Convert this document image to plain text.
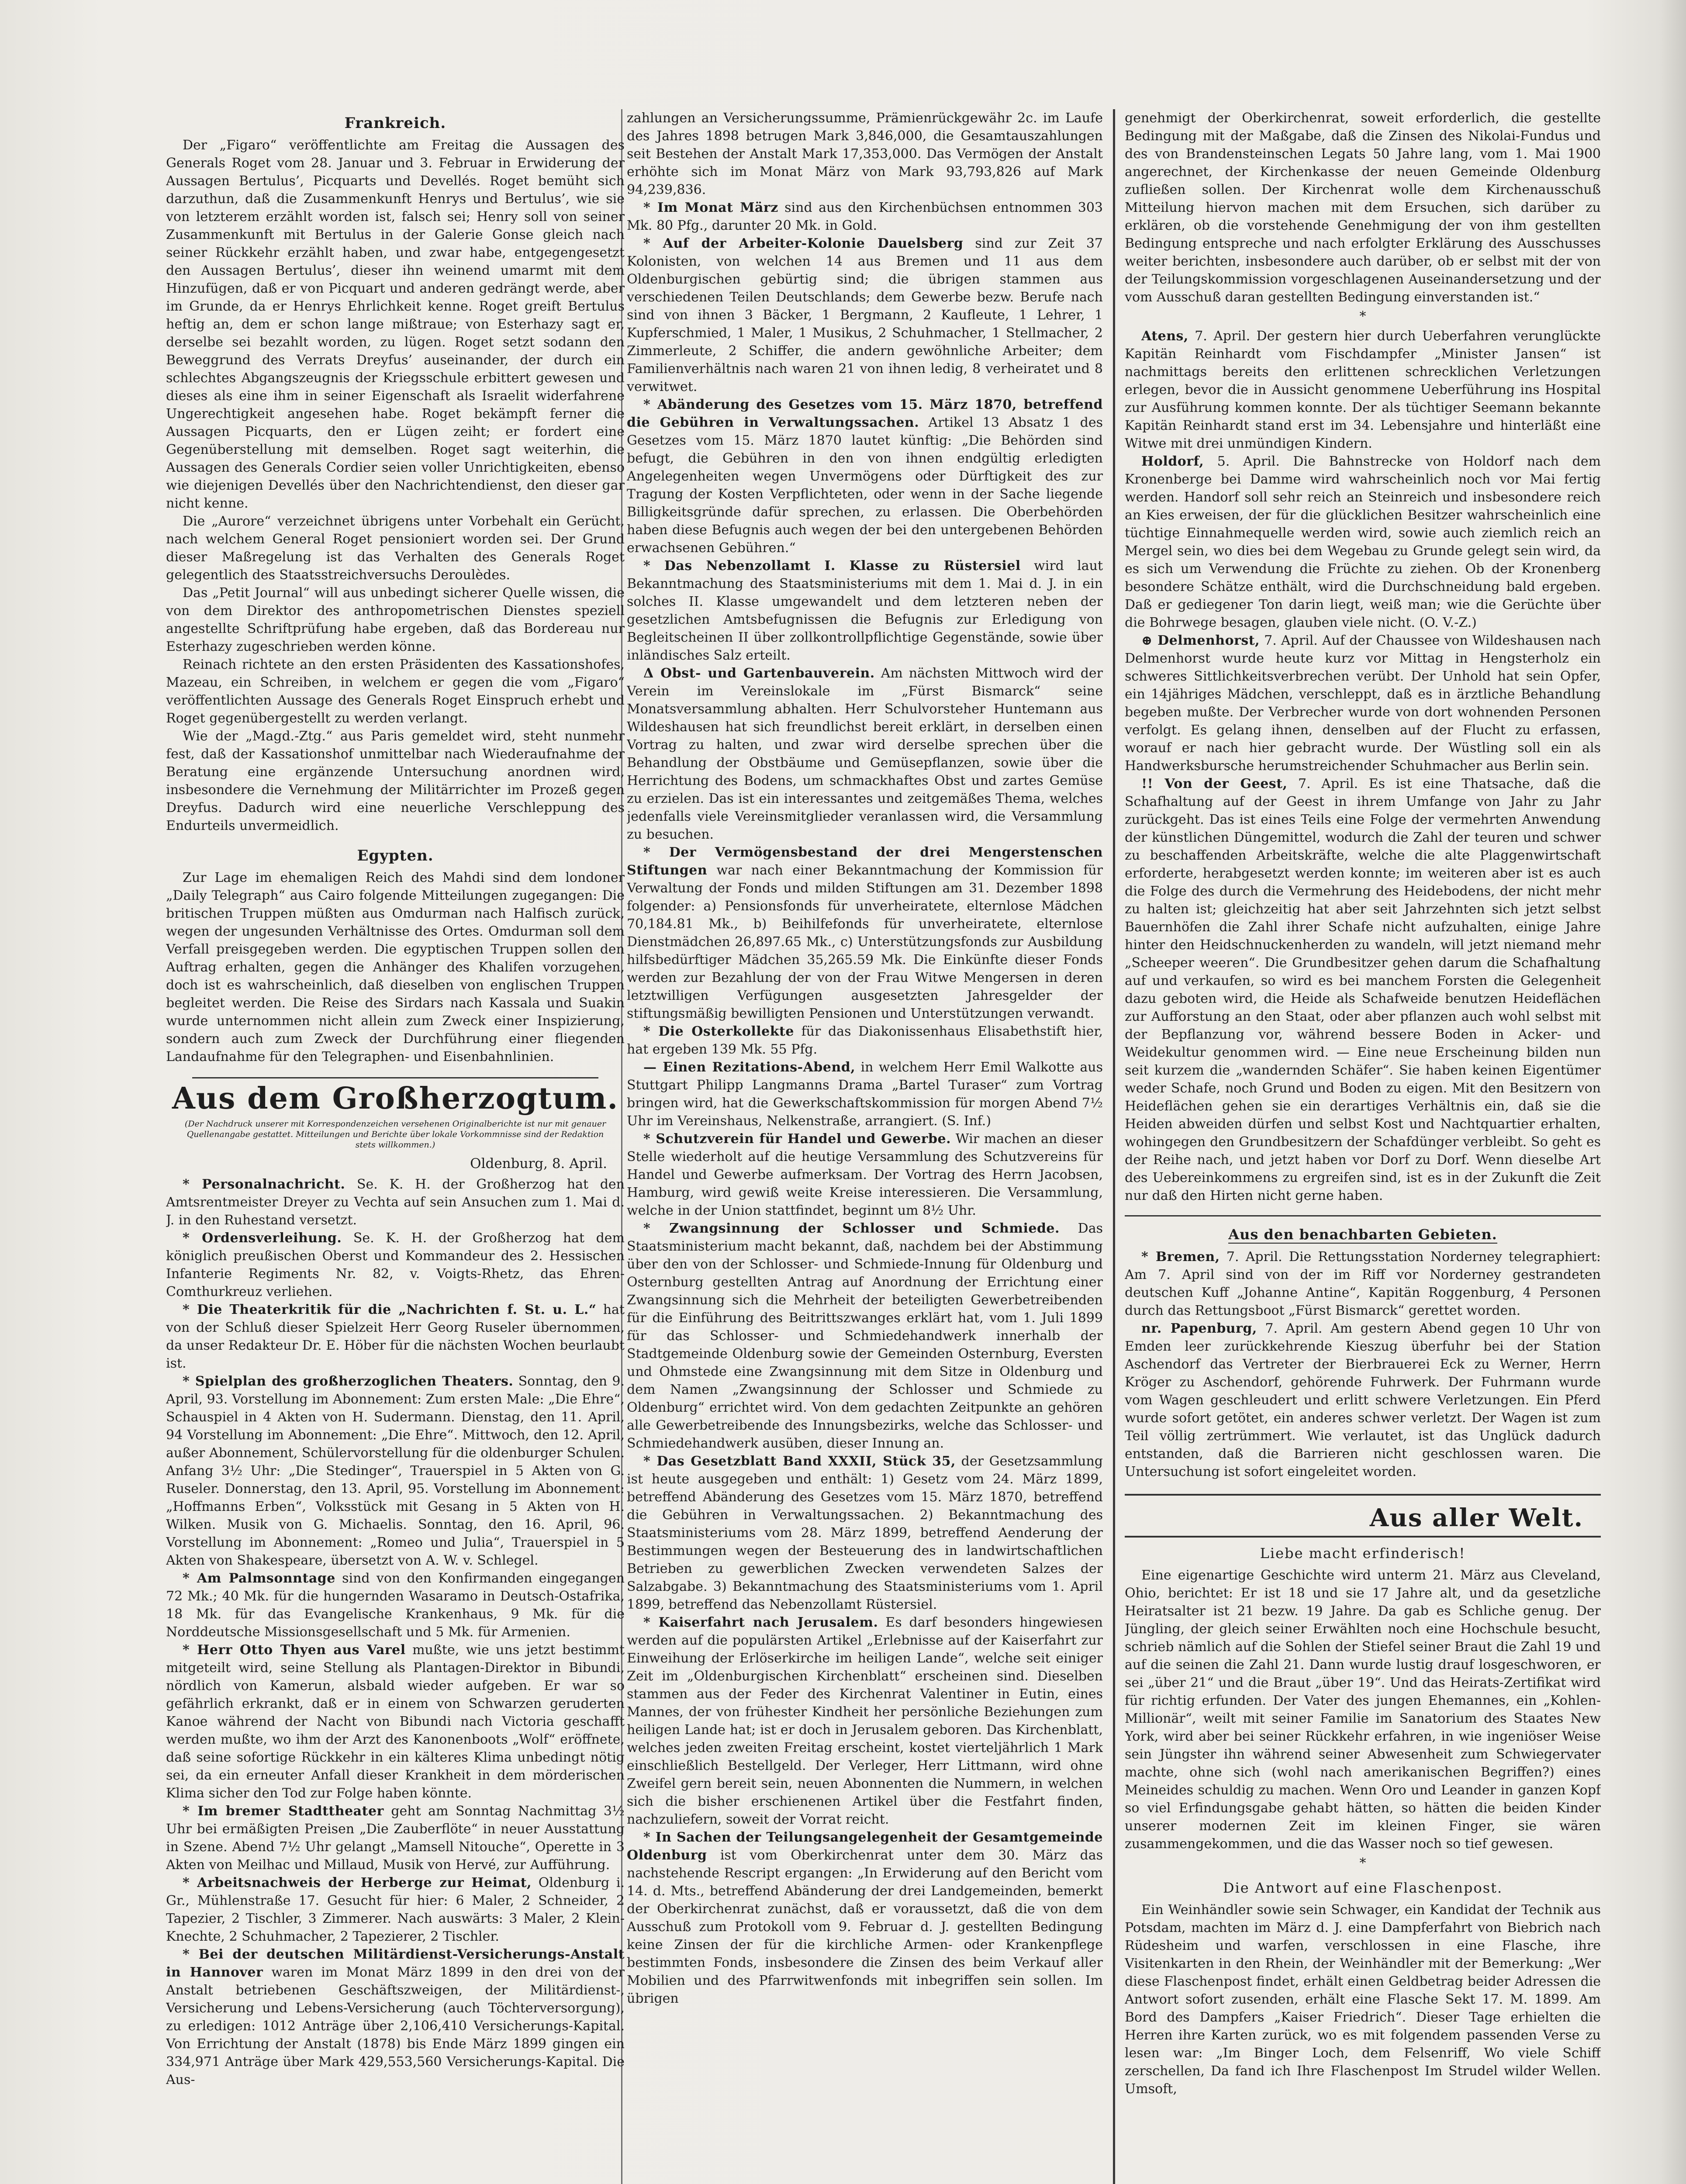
Frankreich.

Der „Figaro“ veröffentlichte am Freitag die Aussagen des Generals Roget vom 28. Januar und 3. Februar in Erwiderung der Aussagen Bertulus’, Picquarts und Devellés. Roget bemüht sich darzuthun, daß die Zusammenkunft Henrys und Bertulus’, wie sie von letzterem erzählt worden ist, falsch sei; Henry soll von seiner Zusammenkunft mit Bertulus in der Galerie Gonse gleich nach seiner Rückkehr erzählt haben, und zwar habe, entgegengesetzt den Aussagen Bertulus’, dieser ihn weinend umarmt mit dem Hinzufügen, daß er von Picquart und anderen gedrängt werde, aber im Grunde, da er Henrys Ehrlichkeit kenne. Roget greift Bertulus heftig an, dem er schon lange mißtraue; von Esterhazy sagt er, derselbe sei bezahlt worden, zu lügen. Roget setzt sodann den Beweggrund des Verrats Dreyfus’ auseinander, der durch ein schlechtes Abgangszeugnis der Kriegsschule erbittert gewesen und dieses als eine ihm in seiner Eigenschaft als Israelit widerfahrene Ungerechtigkeit angesehen habe. Roget bekämpft ferner die Aussagen Picquarts, den er Lügen zeiht; er fordert eine Gegenüberstellung mit demselben. Roget sagt weiterhin, die Aussagen des Generals Cordier seien voller Unrichtigkeiten, ebenso wie diejenigen Devellés über den Nachrichtendienst, den dieser gar nicht kenne.

Die „Aurore“ verzeichnet übrigens unter Vorbehalt ein Gerücht, nach welchem General Roget pensioniert worden sei. Der Grund dieser Maßregelung ist das Verhalten des Generals Roget gelegentlich des Staatsstreichversuchs Deroulèdes.

Das „Petit Journal“ will aus unbedingt sicherer Quelle wissen, die von dem Direktor des anthropometrischen Dienstes speziell angestellte Schriftprüfung habe ergeben, daß das Bordereau nur Esterhazy zugeschrieben werden könne.

Reinach richtete an den ersten Präsidenten des Kassationshofes, Mazeau, ein Schreiben, in welchem er gegen die vom „Figaro“ veröffentlichten Aussage des Generals Roget Einspruch erhebt und Roget gegenübergestellt zu werden verlangt.

Wie der „Magd.-Ztg.“ aus Paris gemeldet wird, steht nunmehr fest, daß der Kassationshof unmittelbar nach Wiederaufnahme der Beratung eine ergänzende Untersuchung anordnen wird, insbesondere die Vernehmung der Militärrichter im Prozeß gegen Dreyfus. Dadurch wird eine neuerliche Verschleppung des Endurteils unvermeidlich.

Egypten.

Zur Lage im ehemaligen Reich des Mahdi sind dem londoner „Daily Telegraph“ aus Cairo folgende Mitteilungen zugegangen: Die britischen Truppen müßten aus Omdurman nach Halfisch zurück, wegen der ungesunden Verhältnisse des Ortes. Omdurman soll dem Verfall preisgegeben werden. Die egyptischen Truppen sollen den Auftrag erhalten, gegen die Anhänger des Khalifen vorzugehen, doch ist es wahrscheinlich, daß dieselben von englischen Truppen begleitet werden. Die Reise des Sirdars nach Kassala und Suakin wurde unternommen nicht allein zum Zweck einer Inspizierung, sondern auch zum Zweck der Durchführung einer fliegenden Landaufnahme für den Telegraphen- und Eisenbahnlinien.

Aus dem Großherzogtum.
(Der Nachdruck unserer mit Korrespondenzeichen versehenen Originalberichte ist nur mit genauer Quellenangabe gestattet. Mitteilungen und Berichte über lokale Vorkommnisse sind der Redaktion stets willkommen.)
Oldenburg, 8. April.

* Personalnachricht. Se. K. H. der Großherzog hat den Amtsrentmeister Dreyer zu Vechta auf sein Ansuchen zum 1. Mai d. J. in den Ruhestand versetzt.

* Ordensverleihung. Se. K. H. der Großherzog hat dem königlich preußischen Oberst und Kommandeur des 2. Hessischen Infanterie Regiments Nr. 82, v. Voigts-Rhetz, das Ehren-Comthurkreuz verliehen.

* Die Theaterkritik für die „Nachrichten f. St. u. L.“ hat von der Schluß dieser Spielzeit Herr Georg Ruseler übernommen, da unser Redakteur Dr. E. Höber für die nächsten Wochen beurlaubt ist.

* Spielplan des großherzoglichen Theaters. Sonntag, den 9. April, 93. Vorstellung im Abonnement: Zum ersten Male: „Die Ehre“, Schauspiel in 4 Akten von H. Sudermann. Dienstag, den 11. April, 94 Vorstellung im Abonnement: „Die Ehre“. Mittwoch, den 12. April, außer Abonnement, Schülervorstellung für die oldenburger Schulen. Anfang 3½ Uhr: „Die Stedinger“, Trauerspiel in 5 Akten von G. Ruseler. Donnerstag, den 13. April, 95. Vorstellung im Abonnement: „Hoffmanns Erben“, Volksstück mit Gesang in 5 Akten von H. Wilken. Musik von G. Michaelis. Sonntag, den 16. April, 96. Vorstellung im Abonnement: „Romeo und Julia“, Trauerspiel in 5 Akten von Shakespeare, übersetzt von A. W. v. Schlegel.

* Am Palmsonntage sind von den Konfirmanden eingegangen 72 Mk.; 40 Mk. für die hungernden Wasaramo in Deutsch-Ostafrika, 18 Mk. für das Evangelische Krankenhaus, 9 Mk. für die Norddeutsche Missionsgesellschaft und 5 Mk. für Armenien.

* Herr Otto Thyen aus Varel mußte, wie uns jetzt bestimmt mitgeteilt wird, seine Stellung als Plantagen-Direktor in Bibundi, nördlich von Kamerun, alsbald wieder aufgeben. Er war so gefährlich erkrankt, daß er in einem von Schwarzen geruderten Kanoe während der Nacht von Bibundi nach Victoria geschafft werden mußte, wo ihm der Arzt des Kanonenboots „Wolf“ eröffnete, daß seine sofortige Rückkehr in ein kälteres Klima unbedingt nötig sei, da ein erneuter Anfall dieser Krankheit in dem mörderischen Klima sicher den Tod zur Folge haben könnte.

* Im bremer Stadttheater geht am Sonntag Nachmittag 3½ Uhr bei ermäßigten Preisen „Die Zauberflöte“ in neuer Ausstattung in Szene. Abend 7½ Uhr gelangt „Mamsell Nitouche“, Operette in 3 Akten von Meilhac und Millaud, Musik von Hervé, zur Aufführung.

* Arbeitsnachweis der Herberge zur Heimat, Oldenburg i. Gr., Mühlenstraße 17. Gesucht für hier: 6 Maler, 2 Schneider, 2 Tapezier, 2 Tischler, 3 Zimmerer. Nach auswärts: 3 Maler, 2 Klein-Knechte, 2 Schuhmacher, 2 Tapezierer, 2 Tischler.

* Bei der deutschen Militärdienst-Versicherungs-Anstalt in Hannover waren im Monat März 1899 in den drei von der Anstalt betriebenen Geschäftszweigen, der Militärdienst-, Versicherung und Lebens-Versicherung (auch Töchterversorgung), zu erledigen: 1012 Anträge über 2,106,410 Versicherungs-Kapital. Von Errichtung der Anstalt (1878) bis Ende März 1899 gingen ein 334,971 Anträge über Mark 429,553,560 Versicherungs-Kapital. Die Aus-

zahlungen an Versicherungssumme, Prämienrückgewähr 2c. im Laufe des Jahres 1898 betrugen Mark 3,846,000, die Gesamtauszahlungen seit Bestehen der Anstalt Mark 17,353,000. Das Vermögen der Anstalt erhöhte sich im Monat März von Mark 93,793,826 auf Mark 94,239,836.

* Im Monat März sind aus den Kirchenbüchsen entnommen 303 Mk. 80 Pfg., darunter 20 Mk. in Gold.

* Auf der Arbeiter-Kolonie Dauelsberg sind zur Zeit 37 Kolonisten, von welchen 14 aus Bremen und 11 aus dem Oldenburgischen gebürtig sind; die übrigen stammen aus verschiedenen Teilen Deutschlands; dem Gewerbe bezw. Berufe nach sind von ihnen 3 Bäcker, 1 Bergmann, 2 Kaufleute, 1 Lehrer, 1 Kupferschmied, 1 Maler, 1 Musikus, 2 Schuhmacher, 1 Stellmacher, 2 Zimmerleute, 2 Schiffer, die andern gewöhnliche Arbeiter; dem Familienverhältnis nach waren 21 von ihnen ledig, 8 verheiratet und 8 verwitwet.

* Abänderung des Gesetzes vom 15. März 1870, betreffend die Gebühren in Verwaltungssachen. Artikel 13 Absatz 1 des Gesetzes vom 15. März 1870 lautet künftig: „Die Behörden sind befugt, die Gebühren in den von ihnen endgültig erledigten Angelegenheiten wegen Unvermögens oder Dürftigkeit des zur Tragung der Kosten Verpflichteten, oder wenn in der Sache liegende Billigkeitsgründe dafür sprechen, zu erlassen. Die Oberbehörden haben diese Befugnis auch wegen der bei den untergebenen Behörden erwachsenen Gebühren.“

* Das Nebenzollamt I. Klasse zu Rüstersiel wird laut Bekanntmachung des Staatsministeriums mit dem 1. Mai d. J. in ein solches II. Klasse umgewandelt und dem letzteren neben der gesetzlichen Amtsbefugnissen die Befugnis zur Erledigung von Begleitscheinen II über zollkontrollpflichtige Gegenstände, sowie über inländisches Salz erteilt.

Δ Obst- und Gartenbauverein. Am nächsten Mittwoch wird der Verein im Vereinslokale im „Fürst Bismarck“ seine Monatsversammlung abhalten. Herr Schulvorsteher Huntemann aus Wildeshausen hat sich freundlichst bereit erklärt, in derselben einen Vortrag zu halten, und zwar wird derselbe sprechen über die Behandlung der Obstbäume und Gemüsepflanzen, sowie über die Herrichtung des Bodens, um schmackhaftes Obst und zartes Gemüse zu erzielen. Das ist ein interessantes und zeitgemäßes Thema, welches jedenfalls viele Vereinsmitglieder veranlassen wird, die Versammlung zu besuchen.

* Der Vermögensbestand der drei Mengerstenschen Stiftungen war nach einer Bekanntmachung der Kommission für Verwaltung der Fonds und milden Stiftungen am 31. Dezember 1898 folgender: a) Pensionsfonds für unverheiratete, elternlose Mädchen 70,184.81 Mk., b) Beihilfefonds für unverheiratete, elternlose Dienstmädchen 26,897.65 Mk., c) Unterstützungsfonds zur Ausbildung hilfsbedürftiger Mädchen 35,265.59 Mk. Die Einkünfte dieser Fonds werden zur Bezahlung der von der Frau Witwe Mengersen in deren letztwilligen Verfügungen ausgesetzten Jahresgelder der stiftungsmäßig bewilligten Pensionen und Unterstützungen verwandt.

* Die Osterkollekte für das Diakonissenhaus Elisabethstift hier, hat ergeben 139 Mk. 55 Pfg.

— Einen Rezitations-Abend, in welchem Herr Emil Walkotte aus Stuttgart Philipp Langmanns Drama „Bartel Turaser“ zum Vortrag bringen wird, hat die Gewerkschaftskommission für morgen Abend 7½ Uhr im Vereinshaus, Nelkenstraße, arrangiert. (S. Inf.)

* Schutzverein für Handel und Gewerbe. Wir machen an dieser Stelle wiederholt auf die heutige Versammlung des Schutzvereins für Handel und Gewerbe aufmerksam. Der Vortrag des Herrn Jacobsen, Hamburg, wird gewiß weite Kreise interessieren. Die Versammlung, welche in der Union stattfindet, beginnt um 8½ Uhr.

* Zwangsinnung der Schlosser und Schmiede. Das Staatsministerium macht bekannt, daß, nachdem bei der Abstimmung über den von der Schlosser- und Schmiede-Innung für Oldenburg und Osternburg gestellten Antrag auf Anordnung der Errichtung einer Zwangsinnung sich die Mehrheit der beteiligten Gewerbetreibenden für die Einführung des Beitrittszwanges erklärt hat, vom 1. Juli 1899 für das Schlosser- und Schmiedehandwerk innerhalb der Stadtgemeinde Oldenburg sowie der Gemeinden Osternburg, Eversten und Ohmstede eine Zwangsinnung mit dem Sitze in Oldenburg und dem Namen „Zwangsinnung der Schlosser und Schmiede zu Oldenburg“ errichtet wird. Von dem gedachten Zeitpunkte an gehören alle Gewerbetreibende des Innungsbezirks, welche das Schlosser- und Schmiedehandwerk ausüben, dieser Innung an.

* Das Gesetzblatt Band XXXII, Stück 35, der Gesetzsammlung ist heute ausgegeben und enthält: 1) Gesetz vom 24. März 1899, betreffend Abänderung des Gesetzes vom 15. März 1870, betreffend die Gebühren in Verwaltungssachen. 2) Bekanntmachung des Staatsministeriums vom 28. März 1899, betreffend Aenderung der Bestimmungen wegen der Besteuerung des in landwirtschaftlichen Betrieben zu gewerblichen Zwecken verwendeten Salzes der Salzabgabe. 3) Bekanntmachung des Staatsministeriums vom 1. April 1899, betreffend das Nebenzollamt Rüstersiel.

* Kaiserfahrt nach Jerusalem. Es darf besonders hingewiesen werden auf die populärsten Artikel „Erlebnisse auf der Kaiserfahrt zur Einweihung der Erlöserkirche im heiligen Lande“, welche seit einiger Zeit im „Oldenburgischen Kirchenblatt“ erscheinen sind. Dieselben stammen aus der Feder des Kirchenrat Valentiner in Eutin, eines Mannes, der von frühester Kindheit her persönliche Beziehungen zum heiligen Lande hat; ist er doch in Jerusalem geboren. Das Kirchenblatt, welches jeden zweiten Freitag erscheint, kostet vierteljährlich 1 Mark einschließlich Bestellgeld. Der Verleger, Herr Littmann, wird ohne Zweifel gern bereit sein, neuen Abonnenten die Nummern, in welchen sich die bisher erschienenen Artikel über die Festfahrt finden, nachzuliefern, soweit der Vorrat reicht.

* In Sachen der Teilungsangelegenheit der Gesamtgemeinde Oldenburg ist vom Oberkirchenrat unter dem 30. März das nachstehende Rescript ergangen: „In Erwiderung auf den Bericht vom 14. d. Mts., betreffend Abänderung der drei Landgemeinden, bemerkt der Oberkirchenrat zunächst, daß er voraussetzt, daß die von dem Ausschuß zum Protokoll vom 9. Februar d. J. gestellten Bedingung keine Zinsen der für die kirchliche Armen- oder Krankenpflege bestimmten Fonds, insbesondere die Zinsen des beim Verkauf aller Mobilien und des Pfarrwitwenfonds mit inbegriffen sein sollen. Im übrigen

genehmigt der Oberkirchenrat, soweit erforderlich, die gestellte Bedingung mit der Maßgabe, daß die Zinsen des Nikolai-Fundus und des von Brandensteinschen Legats 50 Jahre lang, vom 1. Mai 1900 angerechnet, der Kirchenkasse der neuen Gemeinde Oldenburg zufließen sollen. Der Kirchenrat wolle dem Kirchenausschuß Mitteilung hiervon machen mit dem Ersuchen, sich darüber zu erklären, ob die vorstehende Genehmigung der von ihm gestellten Bedingung entspreche und nach erfolgter Erklärung des Ausschusses weiter berichten, insbesondere auch darüber, ob er selbst mit der von der Teilungskommission vorgeschlagenen Auseinandersetzung und der vom Ausschuß daran gestellten Bedingung einverstanden ist.“

*

Atens, 7. April. Der gestern hier durch Ueberfahren verunglückte Kapitän Reinhardt vom Fischdampfer „Minister Jansen“ ist nachmittags bereits den erlittenen schrecklichen Verletzungen erlegen, bevor die in Aussicht genommene Ueberführung ins Hospital zur Ausführung kommen konnte. Der als tüchtiger Seemann bekannte Kapitän Reinhardt stand erst im 34. Lebensjahre und hinterläßt eine Witwe mit drei unmündigen Kindern.

Holdorf, 5. April. Die Bahnstrecke von Holdorf nach dem Kronenberge bei Damme wird wahrscheinlich noch vor Mai fertig werden. Handorf soll sehr reich an Steinreich und insbesondere reich an Kies erweisen, der für die glücklichen Besitzer wahrscheinlich eine tüchtige Einnahmequelle werden wird, sowie auch ziemlich reich an Mergel sein, wo dies bei dem Wegebau zu Grunde gelegt sein wird, da es sich um Verwendung die Früchte zu ziehen. Ob der Kronenberg besondere Schätze enthält, wird die Durchschneidung bald ergeben. Daß er gediegener Ton darin liegt, weiß man; wie die Gerüchte über die Bohrwege besagen, glauben viele nicht. (O. V.-Z.)

⊕ Delmenhorst, 7. April. Auf der Chaussee von Wildeshausen nach Delmenhorst wurde heute kurz vor Mittag in Hengsterholz ein schweres Sittlichkeitsverbrechen verübt. Der Unhold hat sein Opfer, ein 14jähriges Mädchen, verschleppt, daß es in ärztliche Behandlung begeben mußte. Der Verbrecher wurde von dort wohnenden Personen verfolgt. Es gelang ihnen, denselben auf der Flucht zu erfassen, worauf er nach hier gebracht wurde. Der Wüstling soll ein als Handwerksbursche herumstreichender Schuhmacher aus Berlin sein.

!! Von der Geest, 7. April. Es ist eine Thatsache, daß die Schafhaltung auf der Geest in ihrem Umfange von Jahr zu Jahr zurückgeht. Das ist eines Teils eine Folge der vermehrten Anwendung der künstlichen Düngemittel, wodurch die Zahl der teuren und schwer zu beschaffenden Arbeitskräfte, welche die alte Plaggenwirtschaft erforderte, herabgesetzt werden konnte; im weiteren aber ist es auch die Folge des durch die Vermehrung des Heidebodens, der nicht mehr zu halten ist; gleichzeitig hat aber seit Jahrzehnten sich jetzt selbst Bauernhöfen die Zahl ihrer Schafe nicht aufzuhalten, einige Jahre hinter den Heidschnuckenherden zu wandeln, will jetzt niemand mehr „Scheeper weeren“. Die Grundbesitzer gehen darum die Schafhaltung auf und verkaufen, so wird es bei manchem Forsten die Gelegenheit dazu geboten wird, die Heide als Schafweide benutzen Heideflächen zur Aufforstung an den Staat, oder aber pflanzen auch wohl selbst mit der Bepflanzung vor, während bessere Boden in Acker- und Weidekultur genommen wird. — Eine neue Erscheinung bilden nun seit kurzem die „wandernden Schäfer“. Sie haben keinen Eigentümer weder Schafe, noch Grund und Boden zu eigen. Mit den Besitzern von Heideflächen gehen sie ein derartiges Verhältnis ein, daß sie die Heiden abweiden dürfen und selbst Kost und Nachtquartier erhalten, wohingegen den Grundbesitzern der Schafdünger verbleibt. So geht es der Reihe nach, und jetzt haben vor Dorf zu Dorf. Wenn dieselbe Art des Uebereinkommens zu ergreifen sind, ist es in der Zukunft die Zeit nur daß den Hirten nicht gerne haben.

Aus den benachbarten Gebieten.

* Bremen, 7. April. Die Rettungsstation Norderney telegraphiert: Am 7. April sind von der im Riff vor Norderney gestrandeten deutschen Kuff „Johanne Antine“, Kapitän Roggenburg, 4 Personen durch das Rettungsboot „Fürst Bismarck“ gerettet worden.

nr. Papenburg, 7. April. Am gestern Abend gegen 10 Uhr von Emden leer zurückkehrende Kieszug überfuhr bei der Station Aschendorf das Vertreter der Bierbrauerei Eck zu Werner, Herrn Kröger zu Aschendorf, gehörende Fuhrwerk. Der Fuhrmann wurde vom Wagen geschleudert und erlitt schwere Verletzungen. Ein Pferd wurde sofort getötet, ein anderes schwer verletzt. Der Wagen ist zum Teil völlig zertrümmert. Wie verlautet, ist das Unglück dadurch entstanden, daß die Barrieren nicht geschlossen waren. Die Untersuchung ist sofort eingeleitet worden.

Aus aller Welt.
Liebe macht erfinderisch!

Eine eigenartige Geschichte wird unterm 21. März aus Cleveland, Ohio, berichtet: Er ist 18 und sie 17 Jahre alt, und da gesetzliche Heiratsalter ist 21 bezw. 19 Jahre. Da gab es Schliche genug. Der Jüngling, der gleich seiner Erwählten noch eine Hochschule besucht, schrieb nämlich auf die Sohlen der Stiefel seiner Braut die Zahl 19 und auf die seinen die Zahl 21. Dann wurde lustig drauf losgeschworen, er sei „über 21“ und die Braut „über 19“. Und das Heirats-Zertifikat wird für richtig erfunden. Der Vater des jungen Ehemannes, ein „Kohlen-Millionär“, weilt mit seiner Familie im Sanatorium des Staates New York, wird aber bei seiner Rückkehr erfahren, in wie ingeniöser Weise sein Jüngster ihn während seiner Abwesenheit zum Schwiegervater machte, ohne sich (wohl nach amerikanischen Begriffen?) eines Meineides schuldig zu machen. Wenn Oro und Leander in ganzen Kopf so viel Erfindungsgabe gehabt hätten, so hätten die beiden Kinder unserer modernen Zeit im kleinen Finger, sie wären zusammengekommen, und die das Wasser noch so tief gewesen.

*
Die Antwort auf eine Flaschenpost.

Ein Weinhändler sowie sein Schwager, ein Kandidat der Technik aus Potsdam, machten im März d. J. eine Dampferfahrt von Biebrich nach Rüdesheim und warfen, verschlossen in eine Flasche, ihre Visitenkarten in den Rhein, der Weinhändler mit der Bemerkung: „Wer diese Flaschenpost findet, erhält einen Geldbetrag beider Adressen die Antwort sofort zusenden, erhält eine Flasche Sekt 17. M. 1899. Am Bord des Dampfers „Kaiser Friedrich“. Dieser Tage erhielten die Herren ihre Karten zurück, wo es mit folgendem passenden Verse zu lesen war: „Im Binger Loch, dem Felsenriff, Wo viele Schiff zerschellen, Da fand ich Ihre Flaschenpost Im Strudel wilder Wellen. Umsoft,
